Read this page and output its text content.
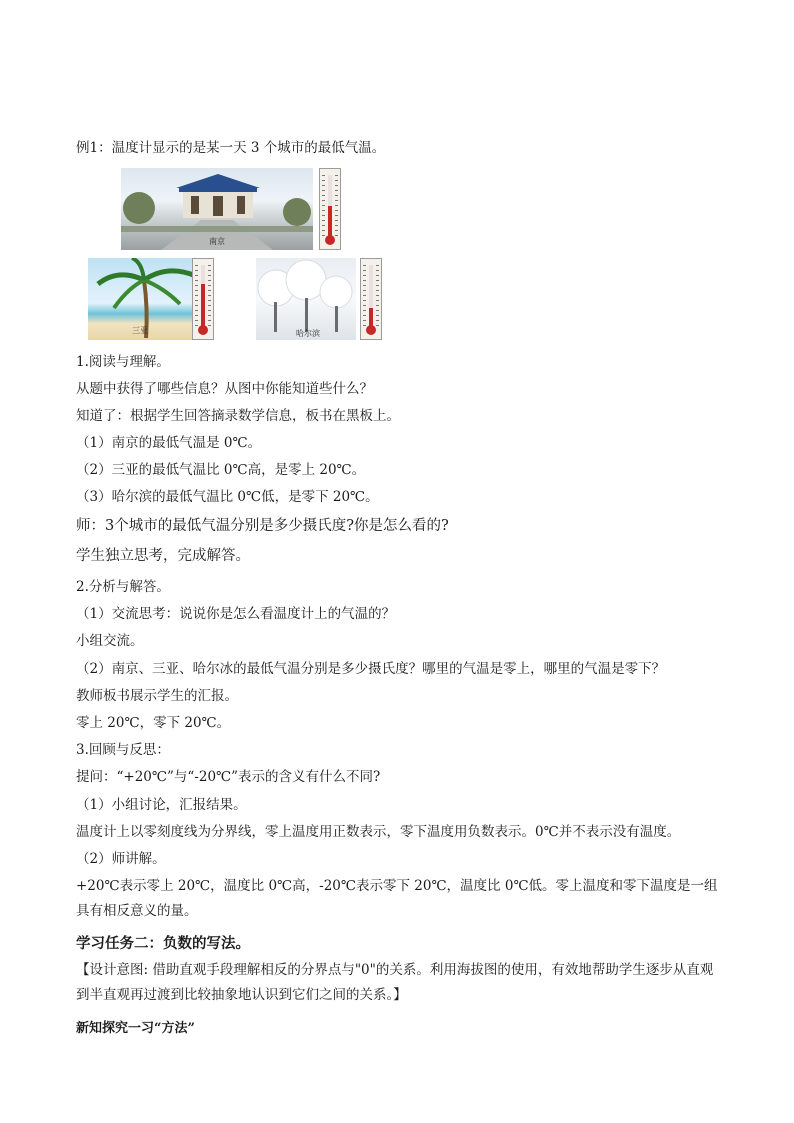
例1：温度计显示的是某一天 3 个城市的最低气温。
南京
三亚	哈尔滨
1.阅读与理解。
从题中获得了哪些信息？从图中你能知道些什么？
知道了：根据学生回答摘录数学信息，板书在黑板上。
（1）南京的最低气温是 0℃。
（2）三亚的最低气温比 0℃高，是零上 20℃。
（3）哈尔滨的最低气温比 0℃低，是零下 20℃。
师：3个城市的最低气温分别是多少摄氏度?你是怎么看的?
学生独立思考，完成解答。
2.分析与解答。
（1）交流思考：说说你是怎么看温度计上的气温的？
小组交流。
（2）南京、三亚、哈尔冰的最低气温分别是多少摄氏度？哪里的气温是零上，哪里的气温是零下？
教师板书展示学生的汇报。
零上 20℃，零下 20℃。
3.回顾与反思：
提问：“+20℃”与“-20℃”表示的含义有什么不同?
（1）小组讨论，汇报结果。
温度计上以零刻度线为分界线，零上温度用正数表示，零下温度用负数表示。0℃并不表示没有温度。
（2）师讲解。
+20℃表示零上 20℃，温度比 0℃高，-20℃表示零下 20℃，温度比 0℃低。零上温度和零下温度是一组具有相反意义的量。
学习任务二：负数的写法。
【设计意图: 借助直观手段理解相反的分界点与"0"的关系。利用海拔图的使用，有效地帮助学生逐步从直观到半直观再过渡到比较抽象地认识到它们之间的关系。】
新知探究一习“方法”
